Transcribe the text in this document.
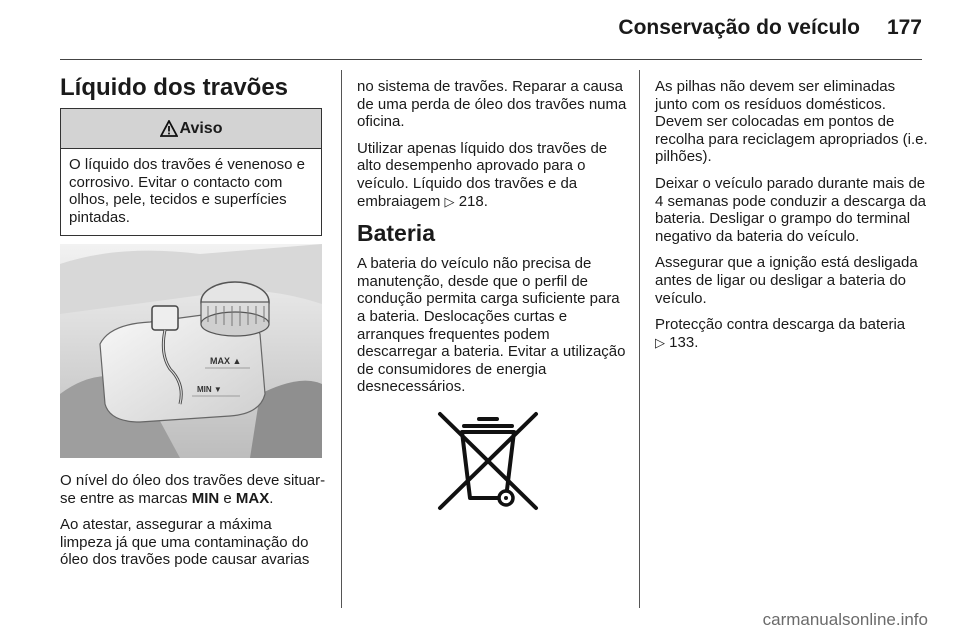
Conservação do veículo	177
Líquido dos travões
Aviso
O líquido dos travões é venenoso e corrosivo. Evitar o contacto com olhos, pele, tecidos e superfícies pintadas.
MAX ▲
MIN ▼

O nível do óleo dos travões deve situar-se entre as marcas MIN e MAX.

Ao atestar, assegurar a máxima limpeza já que uma contaminação do óleo dos travões pode causar avarias

no sistema de travões. Reparar a causa de uma perda de óleo dos travões numa oficina.

Utilizar apenas líquido dos travões de alto desempenho aprovado para o veículo. Líquido dos travões e da embraiagem ▷ 218.

Bateria

A bateria do veículo não precisa de manutenção, desde que o perfil de condução permita carga suficiente para a bateria. Deslocações curtas e arranques frequentes podem descarregar a bateria. Evitar a utilização de consumidores de energia desnecessários.

As pilhas não devem ser eliminadas junto com os resíduos domésticos. Devem ser colocadas em pontos de recolha para reciclagem apropriados (i.e. pilhões).

Deixar o veículo parado durante mais de 4 semanas pode conduzir a descarga da bateria. Desligar o grampo do terminal negativo da bateria do veículo.

Assegurar que a ignição está desligada antes de ligar ou desligar a bateria do veículo.

Protecção contra descarga da bateria
▷ 133.

carmanualsonline.info
